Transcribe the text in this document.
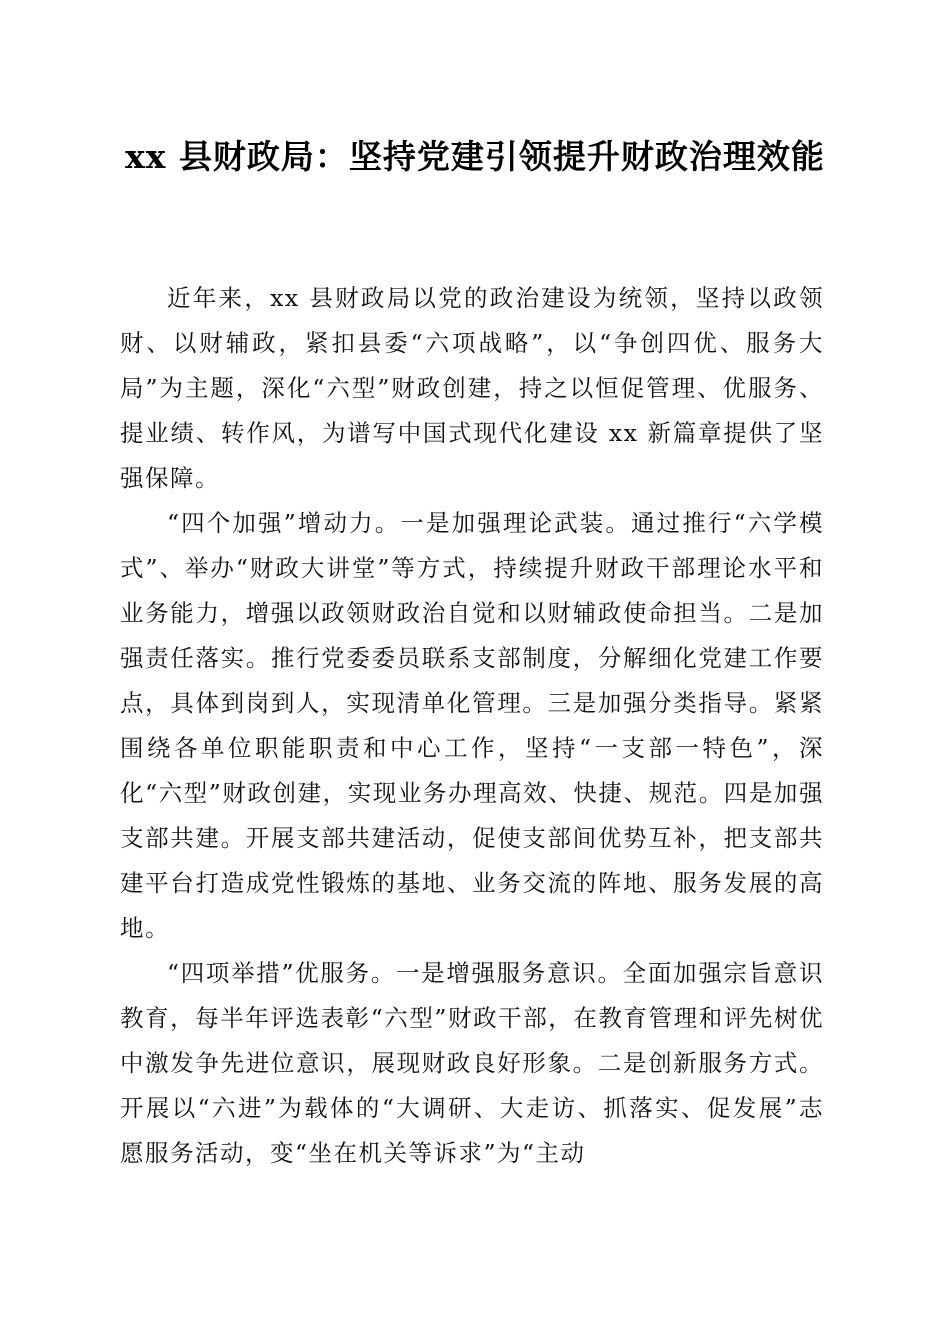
xx 县财政局：坚持党建引领提升财政治理效能

近年来，xx 县财政局以党的政治建设为统领，坚持以政领财、以财辅政，紧扣县委“六项战略”，以“争创四优、服务大局”为主题，深化“六型”财政创建，持之以恒促管理、优服务、提业绩、转作风，为谱写中国式现代化建设 xx 新篇章提供了坚强保障。

“四个加强”增动力。一是加强理论武装。通过推行“六学模式”、举办“财政大讲堂”等方式，持续提升财政干部理论水平和业务能力，增强以政领财政治自觉和以财辅政使命担当。二是加强责任落实。推行党委委员联系支部制度，分解细化党建工作要点，具体到岗到人，实现清单化管理。三是加强分类指导。紧紧围绕各单位职能职责和中心工作，坚持“一支部一特色”，深化“六型”财政创建，实现业务办理高效、快捷、规范。四是加强支部共建。开展支部共建活动，促使支部间优势互补，把支部共建平台打造成党性锻炼的基地、业务交流的阵地、服务发展的高地。

“四项举措”优服务。一是增强服务意识。全面加强宗旨意识教育，每半年评选表彰“六型”财政干部，在教育管理和评先树优中激发争先进位意识，展现财政良好形象。二是创新服务方式。开展以“六进”为载体的“大调研、大走访、抓落实、促发展”志愿服务活动，变“坐在机关等诉求”为“主动
